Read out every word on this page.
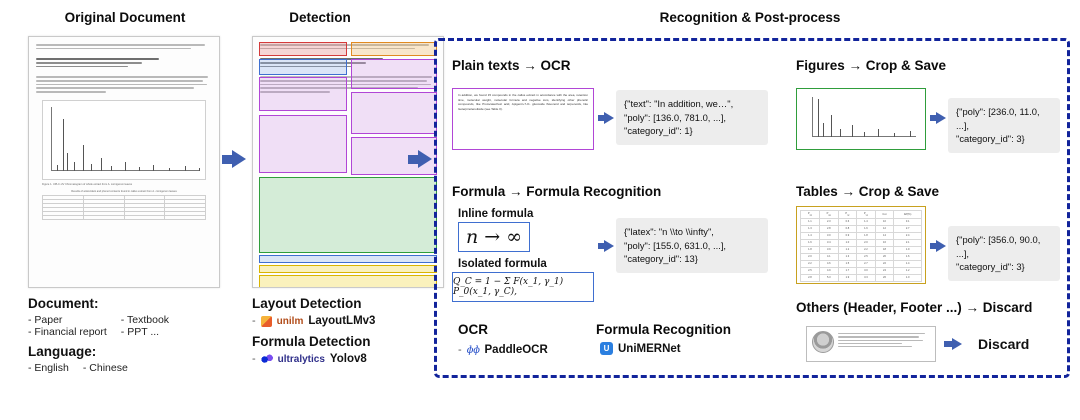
Original Document	Detection	Recognition & Post-process
Figure 1. UPLC-UV Chromatogram of whole extract from A. cornigerum leaves
Results of antioxidant and phenol contents found in callus extract from A. cornigerum leaves

Document:
- Paper
- Financial report
- Textbook
- PPT ...
Language:
- English - Chinese
Layout Detection
- unilm LayoutLMv3
Formula Detection
- ultralytics Yolov8
Plain texts → OCR
In addition, we found 15 compounds in the callus extract in accordance with the area, retention time, molecular weight, molecular formula and negative ions, identifying other phenolic compounds, like Protocatechuic acid, Apigenin-7-O- glucoside flavonoid and terpenoids, like Isoterpinolenoliside (see Table II).	{"text": "In addition, we…",
"poly": [136.0, 781.0, ...],
"category_id": 1}
Figures → Crop & Save
{"poly": [236.0, 11.0, ...],
"category_id": 3}
Formula → Formula Recognition
Inline formula
n → ∞
Isolated formula
Q_C = 1 − Σ F(x_1, γ_1) P_0(x_1, γ_C),
{"latex": "n \\to \\infty",
"poly": [155.0, 631.0, ...],
"category_id": 13}
Tables → Crop & Save
$P_{qq}$	$P_{gg}$	$P_{q\gamma}$	$P_{\gamma q}$	Cut	ΔP(%)
1.1	2.3	0.6	1.4	10	3.1
1.3	2.8	0.8	1.6	12	2.7
1.4	3.0	0.9	1.8	14	2.4
1.6	3.4	1.0	2.0	16	2.1
1.8	3.9	1.2	2.2	18	1.9
2.0	4.1	1.3	2.5	20	1.6
2.2	4.6	1.5	2.7	22	1.4
2.5	4.9	1.7	3.0	24	1.2
2.8	5.3	1.9	3.3	26	1.0
{"poly": [356.0, 90.0, ...],
"category_id": 3}
Others (Header, Footer ...) → Discard
Discard
OCR
- ɸɸ PaddleOCR
Formula Recognition
U UniMERNet
